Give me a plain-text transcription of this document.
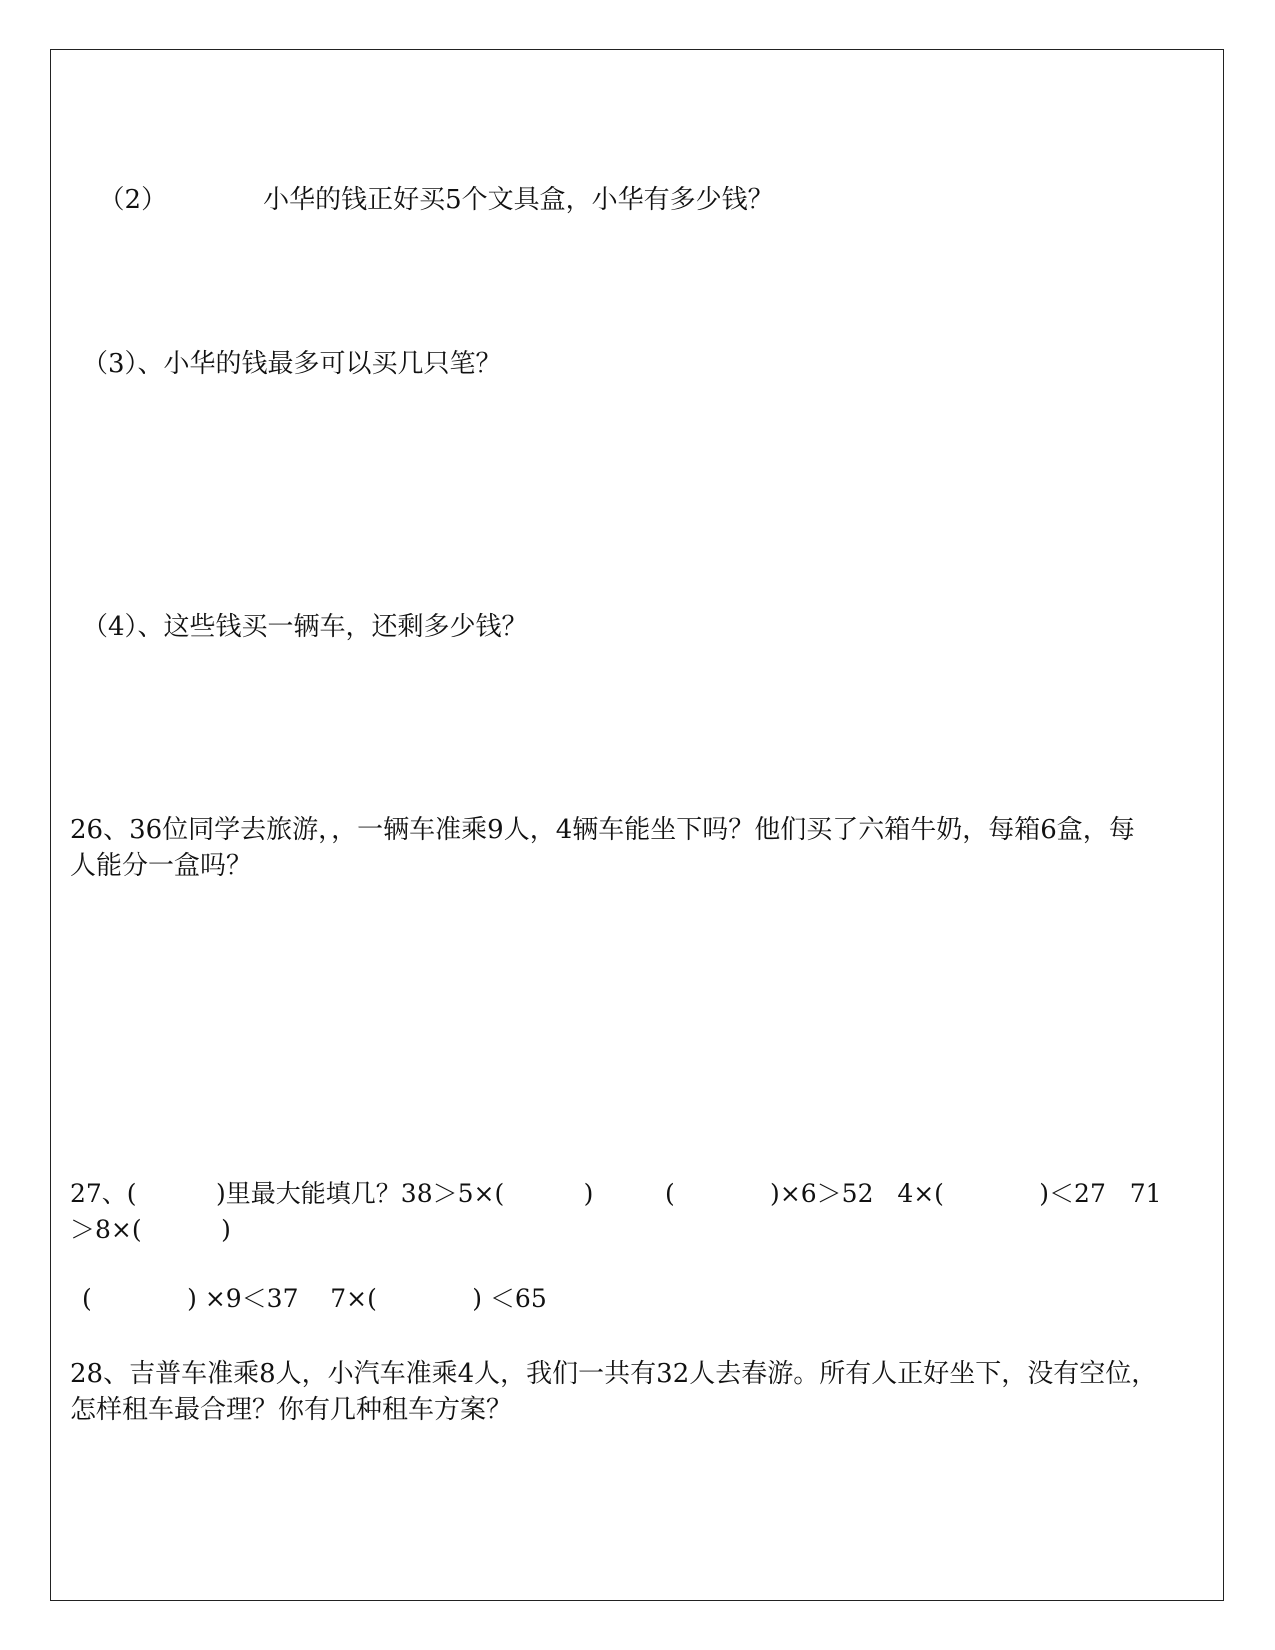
（2）	小华的钱正好买5个文具盒，小华有多少钱？

（3）、小华的钱最多可以买几只笔？
（4）、这些钱买一辆车，还剩多少钱？
26、36位同学去旅游，，一辆车准乘9人，4辆车能坐下吗？他们买了六箱牛奶，每箱6盒，每
人能分一盒吗？
27、(          )里最大能填几？38＞5×(          )         (            )×6＞52   4×(            )＜27   71
＞8×(          )
(            ) ×9＜37    7×(            ) ＜65
28、吉普车准乘8人，小汽车准乘4人，我们一共有32人去春游。所有人正好坐下，没有空位，
怎样租车最合理？你有几种租车方案？
